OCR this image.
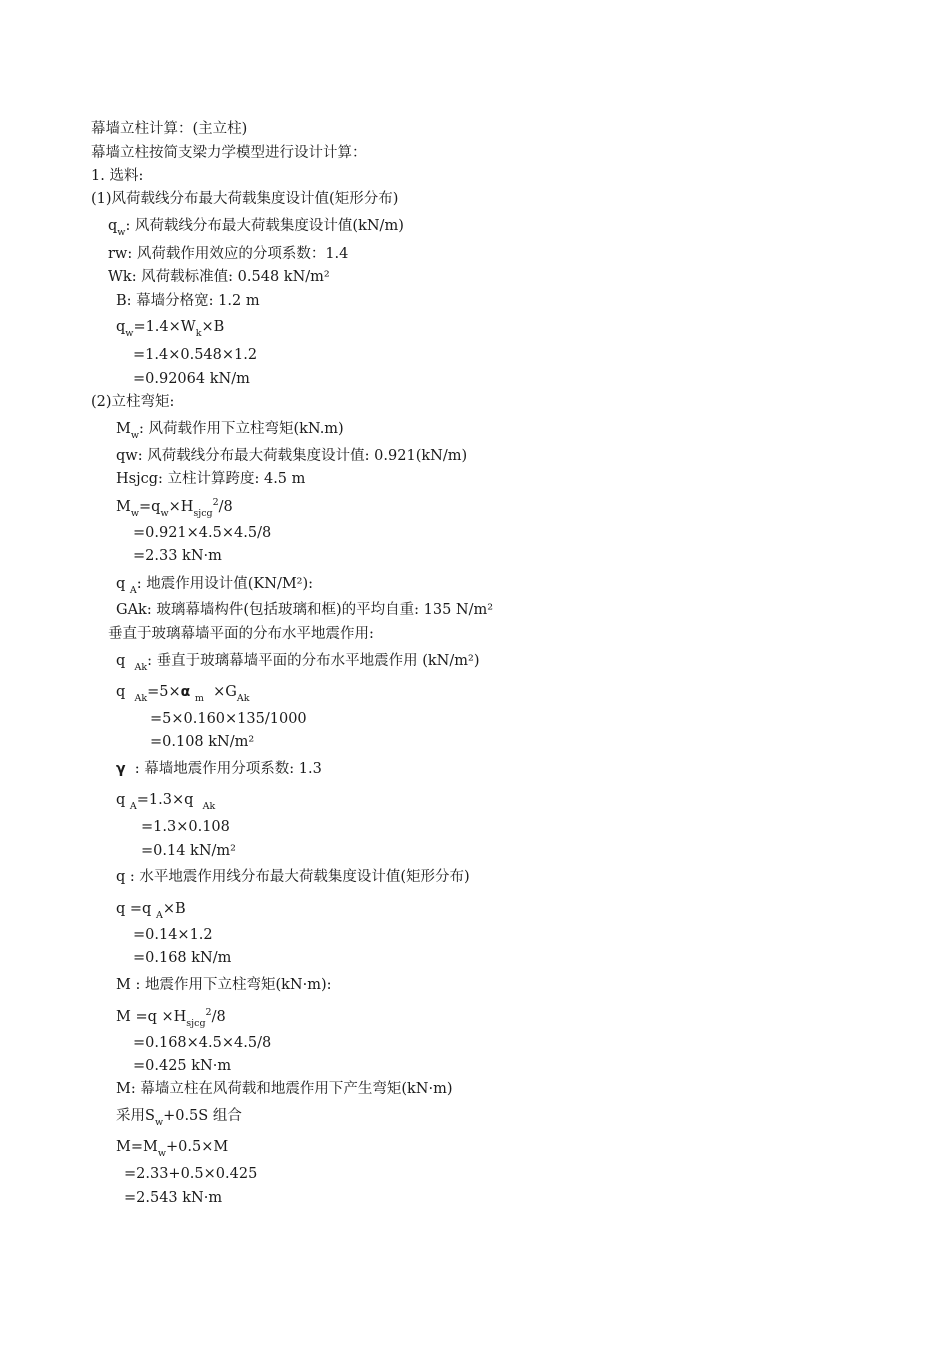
幕墙立柱计算：(主立柱)
幕墙立柱按简支梁力学模型进行设计计算：
1. 选料:
(1)风荷载线分布最大荷载集度设计值(矩形分布)
$q_w$: 风荷载线分布最大荷载集度设计值(kN/m)
rw: 风荷载作用效应的分项系数：1.4
Wk: 风荷载标准值: 0.548 kN/m²
B: 幕墙分格宽: 1.2 m
$q_w=1.4\times W_k\times B$
=1.4×0.548×1.2
=0.92064 kN/m
(2)立柱弯矩:
$M_w$: 风荷载作用下立柱弯矩(kN.m)
qw: 风荷载线分布最大荷载集度设计值: 0.921(kN/m)
Hsjcg: 立柱计算跨度: 4.5 m
$M_w=q_w\times H_{sjcg}^2/8$
=0.921×4.5×4.5/8
=2.33 kN·m
q $_A$: 地震作用设计值(KN/M²):
GAk: 玻璃幕墙构件(包括玻璃和框)的平均自重: 135 N/m²
垂直于玻璃幕墙平面的分布水平地震作用:
q $_{Ak}$: 垂直于玻璃幕墙平面的分布水平地震作用 (kN/m²)
q $_{Ak}$=5×α $_m \times G_{Ak}$
=5×0.160×135/1000
=0.108 kN/m²
γ : 幕墙地震作用分项系数: 1.3
q $_A$=1.3×q $_{Ak}$
=1.3×0.108
=0.14 kN/m²
q : 水平地震作用线分布最大荷载集度设计值(矩形分布)
q =q $_A$×B
=0.14×1.2
=0.168 kN/m
M : 地震作用下立柱弯矩(kN·m):
$M =q \times H_{sjcg}^2/8$
=0.168×4.5×4.5/8
=0.425 kN·m
M: 幕墙立柱在风荷载和地震作用下产生弯矩(kN·m)
采用$S_w+0.5S$ 组合
$M=M_w+0.5\times M$
=2.33+0.5×0.425
=2.543 kN·m
